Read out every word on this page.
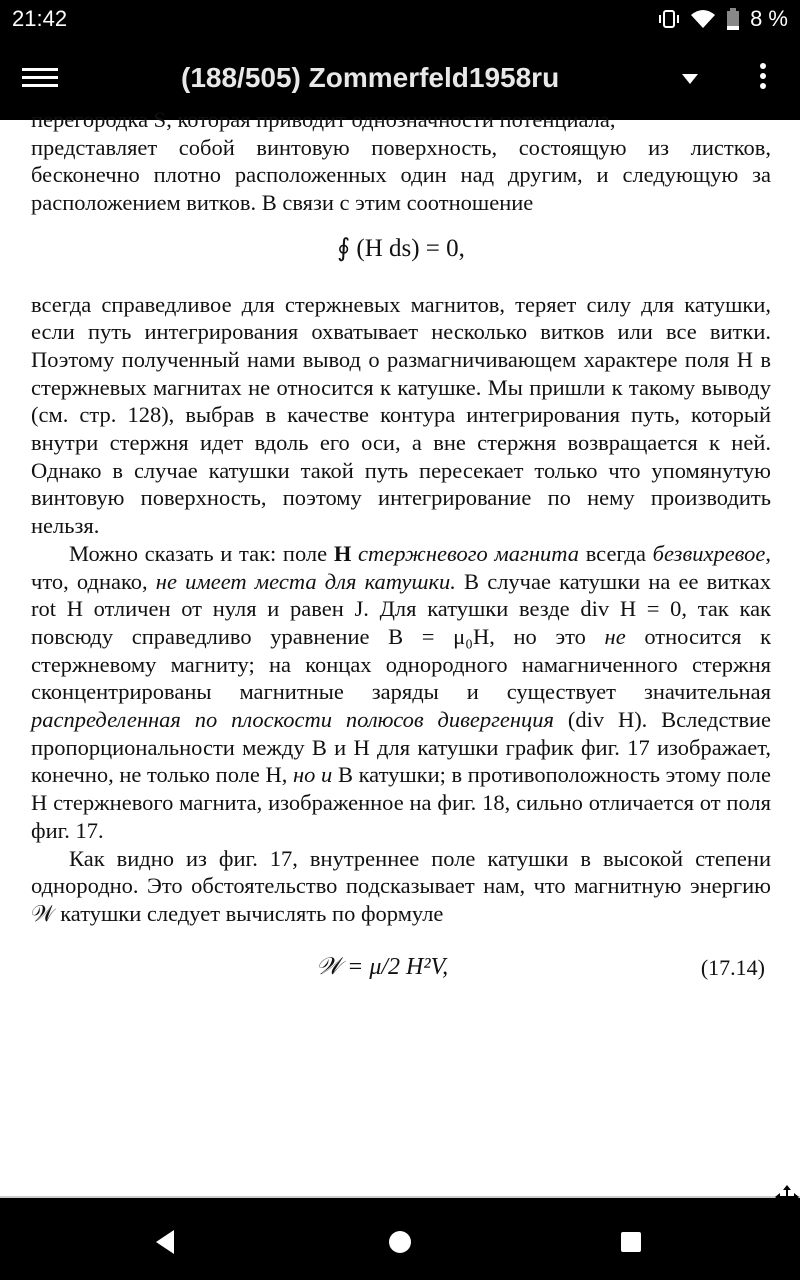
21:42	8 %
(188/505) Zommerfeld1958ru

перегородка S, которая приводит однозначности потенциала,

представляет собой винтовую поверхность, состоящую из листков, бесконечно плотно расположенных один над другим, и следующую за расположением витков. В связи с этим соотношение

∮ (H ds) = 0,

всегда справедливое для стержневых магнитов, теряет силу для катушки, если путь интегрирования охватывает несколько витков или все витки. Поэтому полученный нами вывод о размагничивающем характере поля H в стержневых магнитах не относится к катушке. Мы пришли к такому выводу (см. стр. 128), выбрав в качестве контура интегрирования путь, который внутри стержня идет вдоль его оси, а вне стержня возвращается к ней. Однако в случае катушки такой путь пересекает только что упомянутую винтовую поверхность, поэтому интегрирование по нему производить нельзя.

Можно сказать и так: поле H стержневого магнита всегда безвихревое, что, однако, не имеет места для катушки. В случае катушки на ее витках rot H отличен от нуля и равен J. Для катушки везде div H = 0, так как повсюду справедливо уравнение B = μ₀H, но это не относится к стержневому магниту; на концах однородного намагниченного стержня сконцентрированы магнитные заряды и существует значительная распределенная по плоскости полюсов дивергенция (div H). Вследствие пропорциональности между B и H для катушки график фиг. 17 изображает, конечно, не только поле H, но и B катушки; в противоположность этому поле H стержневого магнита, изображенное на фиг. 18, сильно отличается от поля фиг. 17.

Как видно из фиг. 17, внутреннее поле катушки в высокой степени однородно. Это обстоятельство подсказывает нам, что магнитную энергию 𝒲 катушки следует вычислять по формуле

𝒲 = μ/2 H²V,	(17.14)
